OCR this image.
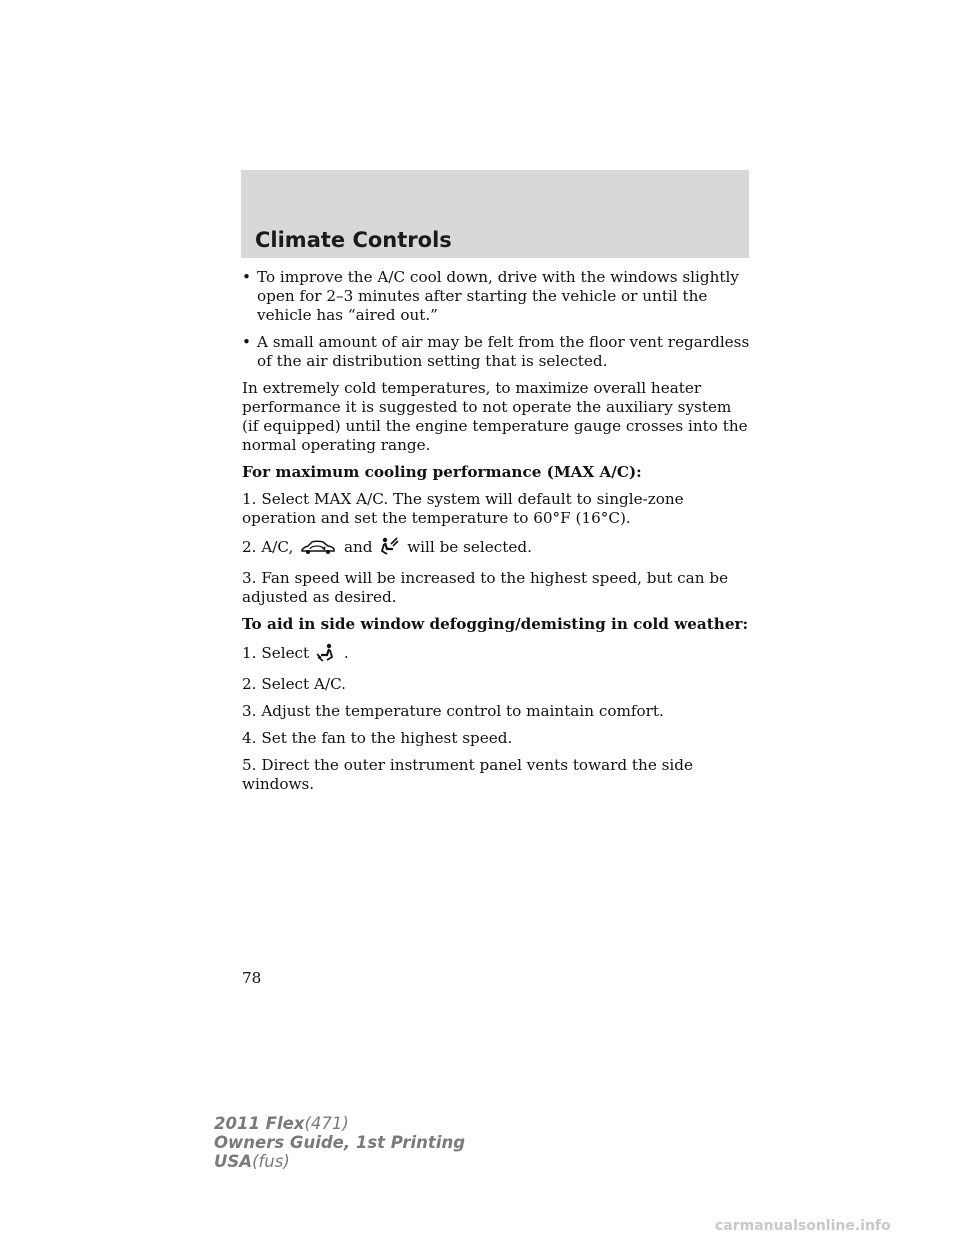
Climate Controls
• To improve the A/C cool down, drive with the windows slightly open for 2–3 minutes after starting the vehicle or until the vehicle has “aired out.”
• A small amount of air may be felt from the floor vent regardless of the air distribution setting that is selected.

In extremely cold temperatures, to maximize overall heater performance it is suggested to not operate the auxiliary system (if equipped) until the engine temperature gauge crosses into the normal operating range.

For maximum cooling performance (MAX A/C):

1. Select MAX A/C. The system will default to single-zone operation and set the temperature to 60°F (16°C).

2. A/C,	and will be selected.

3. Fan speed will be increased to the highest speed, but can be adjusted as desired.

To aid in side window defogging/demisting in cold weather:

1. Select .

2. Select A/C.

3. Adjust the temperature control to maintain comfort.

4. Set the fan to the highest speed.

5. Direct the outer instrument panel vents toward the side windows.

78
2011 Flex(471)
Owners Guide, 1st Printing
USA(fus)
carmanualsonline.info
